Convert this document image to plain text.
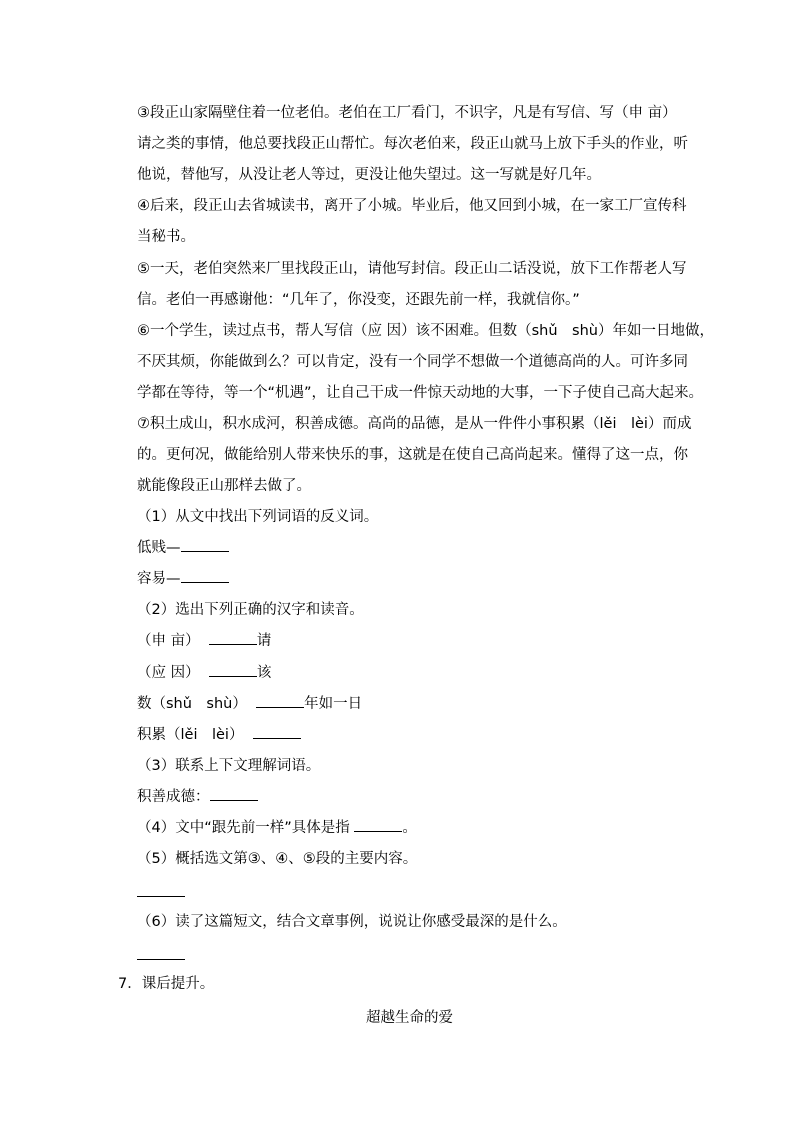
③段正山家隔壁住着一位老伯。老伯在工厂看门，不识字，凡是有写信、写（申 亩）
请之类的事情，他总要找段正山帮忙。每次老伯来，段正山就马上放下手头的作业，听
他说，替他写，从没让老人等过，更没让他失望过。这一写就是好几年。
④后来，段正山去省城读书，离开了小城。毕业后，他又回到小城，在一家工厂宣传科
当秘书。
⑤一天，老伯突然来厂里找段正山，请他写封信。段正山二话没说，放下工作帮老人写
信。老伯一再感谢他：“几年了，你没变，还跟先前一样，我就信你。”
⑥一个学生，读过点书，帮人写信（应 因）该不困难。但数（shǔ　shù）年如一日地做，
不厌其烦，你能做到么？可以肯定，没有一个同学不想做一个道德高尚的人。可许多同
学都在等待，等一个“机遇”，让自己干成一件惊天动地的大事，一下子使自己高大起来。
⑦积土成山，积水成河，积善成德。高尚的品德，是从一件件小事积累（lěi　lèi）而成
的。更何况，做能给别人带来快乐的事，这就是在使自己高尚起来。懂得了这一点，你
就能像段正山那样去做了。
（1）从文中找出下列词语的反义词。
低贱—
容易—
（2）选出下列正确的汉字和读音。
（申 亩）	请
（应 因）	该
数（shǔ　shù）	年如一日
积累（lěi　lèi）
（3）联系上下文理解词语。
积善成德：
（4）文中“跟先前一样”具体是指	。
（5）概括选文第③、④、⑤段的主要内容。
（6）读了这篇短文，结合文章事例，说说让你感受最深的是什么。
7．课后提升。
超越生命的爱
